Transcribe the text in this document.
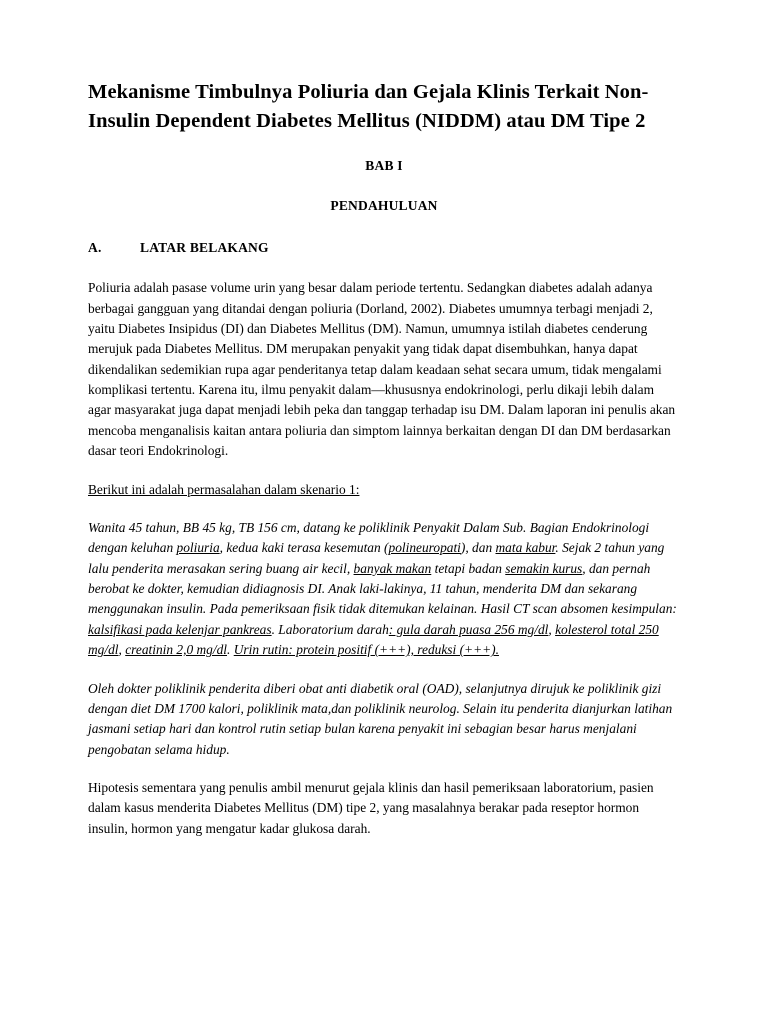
Mekanisme Timbulnya Poliuria dan Gejala Klinis Terkait Non-Insulin Dependent Diabetes Mellitus (NIDDM) atau DM Tipe 2
BAB I
PENDAHULUAN
A.	LATAR BELAKANG

Poliuria adalah pasase volume urin yang besar dalam periode tertentu. Sedangkan diabetes adalah adanya berbagai gangguan yang ditandai dengan poliuria (Dorland, 2002). Diabetes umumnya terbagi menjadi 2, yaitu Diabetes Insipidus (DI) dan Diabetes Mellitus (DM). Namun, umumnya istilah diabetes cenderung merujuk pada Diabetes Mellitus. DM merupakan penyakit yang tidak dapat disembuhkan, hanya dapat dikendalikan sedemikian rupa agar penderitanya tetap dalam keadaan sehat secara umum, tidak mengalami komplikasi tertentu. Karena itu, ilmu penyakit dalam—khususnya endokrinologi, perlu dikaji lebih dalam agar masyarakat juga dapat menjadi lebih peka dan tanggap terhadap isu DM. Dalam laporan ini penulis akan mencoba menganalisis kaitan antara poliuria dan simptom lainnya berkaitan dengan DI dan DM berdasarkan dasar teori Endokrinologi.

Berikut ini adalah permasalahan dalam skenario 1:

Wanita 45 tahun, BB 45 kg, TB 156 cm, datang ke poliklinik Penyakit Dalam Sub. Bagian Endokrinologi dengan keluhan poliuria, kedua kaki terasa kesemutan (polineuropati), dan mata kabur. Sejak 2 tahun yang lalu penderita merasakan sering buang air kecil, banyak makan tetapi badan semakin kurus, dan pernah berobat ke dokter, kemudian didiagnosis DI. Anak laki-lakinya, 11 tahun, menderita DM dan sekarang menggunakan insulin. Pada pemeriksaan fisik tidak ditemukan kelainan. Hasil CT scan absomen kesimpulan: kalsifikasi pada kelenjar pankreas. Laboratorium darah: gula darah puasa 256 mg/dl, kolesterol total 250 mg/dl, creatinin 2,0 mg/dl. Urin rutin: protein positif (+++), reduksi (+++).

Oleh dokter poliklinik penderita diberi obat anti diabetik oral (OAD), selanjutnya dirujuk ke poliklinik gizi dengan diet DM 1700 kalori, poliklinik mata,dan poliklinik neurolog. Selain itu penderita dianjurkan latihan jasmani setiap hari dan kontrol rutin setiap bulan karena penyakit ini sebagian besar harus menjalani pengobatan selama hidup.

Hipotesis sementara yang penulis ambil menurut gejala klinis dan hasil pemeriksaan laboratorium, pasien dalam kasus menderita Diabetes Mellitus (DM) tipe 2, yang masalahnya berakar pada reseptor hormon insulin, hormon yang mengatur kadar glukosa darah.
